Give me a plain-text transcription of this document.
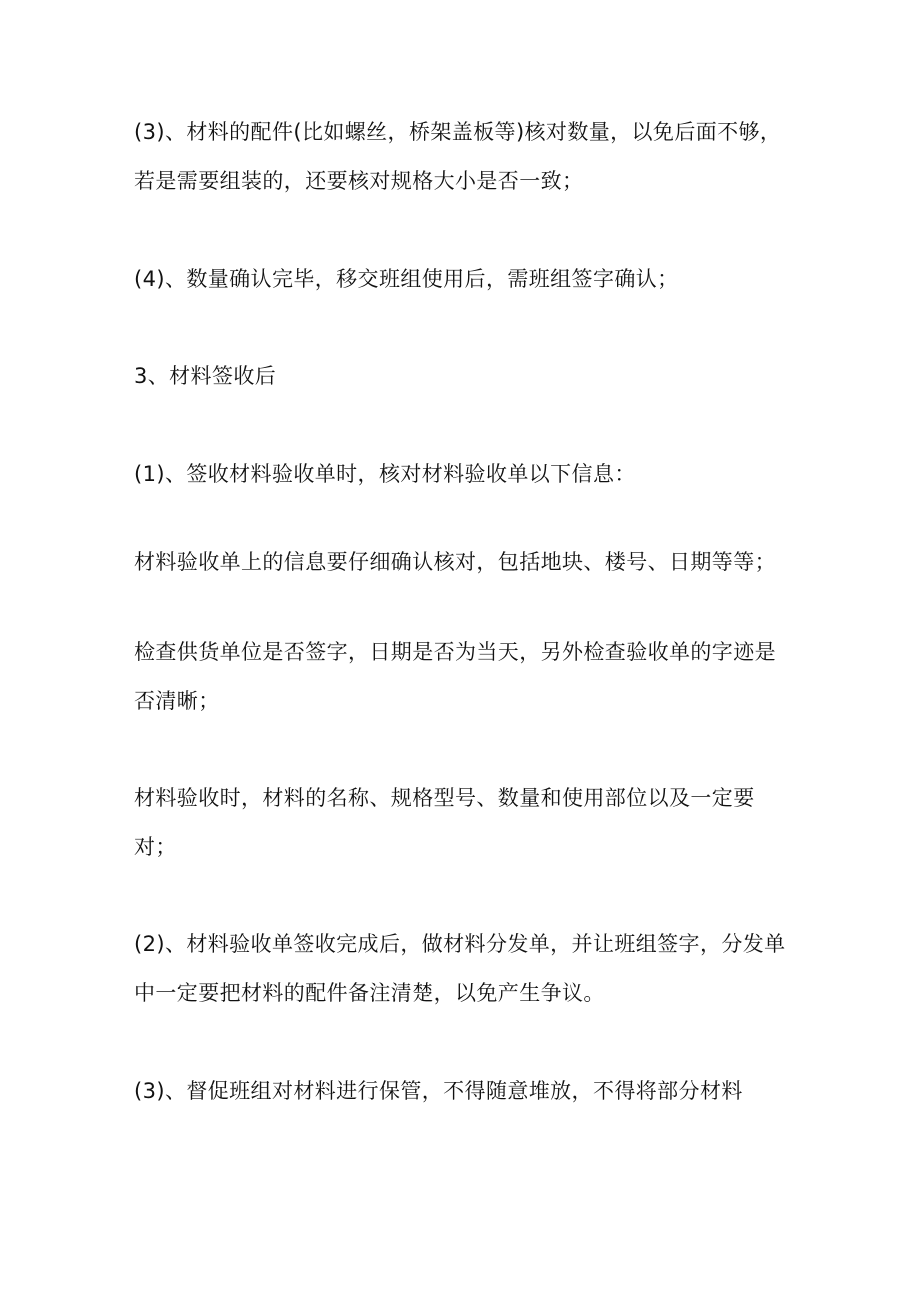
(3)、材料的配件(比如螺丝，桥架盖板等)核对数量，以免后面不够，
若是需要组装的，还要核对规格大小是否一致；
(4)、数量确认完毕，移交班组使用后，需班组签字确认；
3、材料签收后
(1)、签收材料验收单时，核对材料验收单以下信息：
材料验收单上的信息要仔细确认核对，包括地块、楼号、日期等等；
检查供货单位是否签字，日期是否为当天，另外检查验收单的字迹是
否清晰；
材料验收时，材料的名称、规格型号、数量和使用部位以及一定要
对；
(2)、材料验收单签收完成后，做材料分发单，并让班组签字，分发单
中一定要把材料的配件备注清楚，以免产生争议。
(3)、督促班组对材料进行保管，不得随意堆放，不得将部分材料
